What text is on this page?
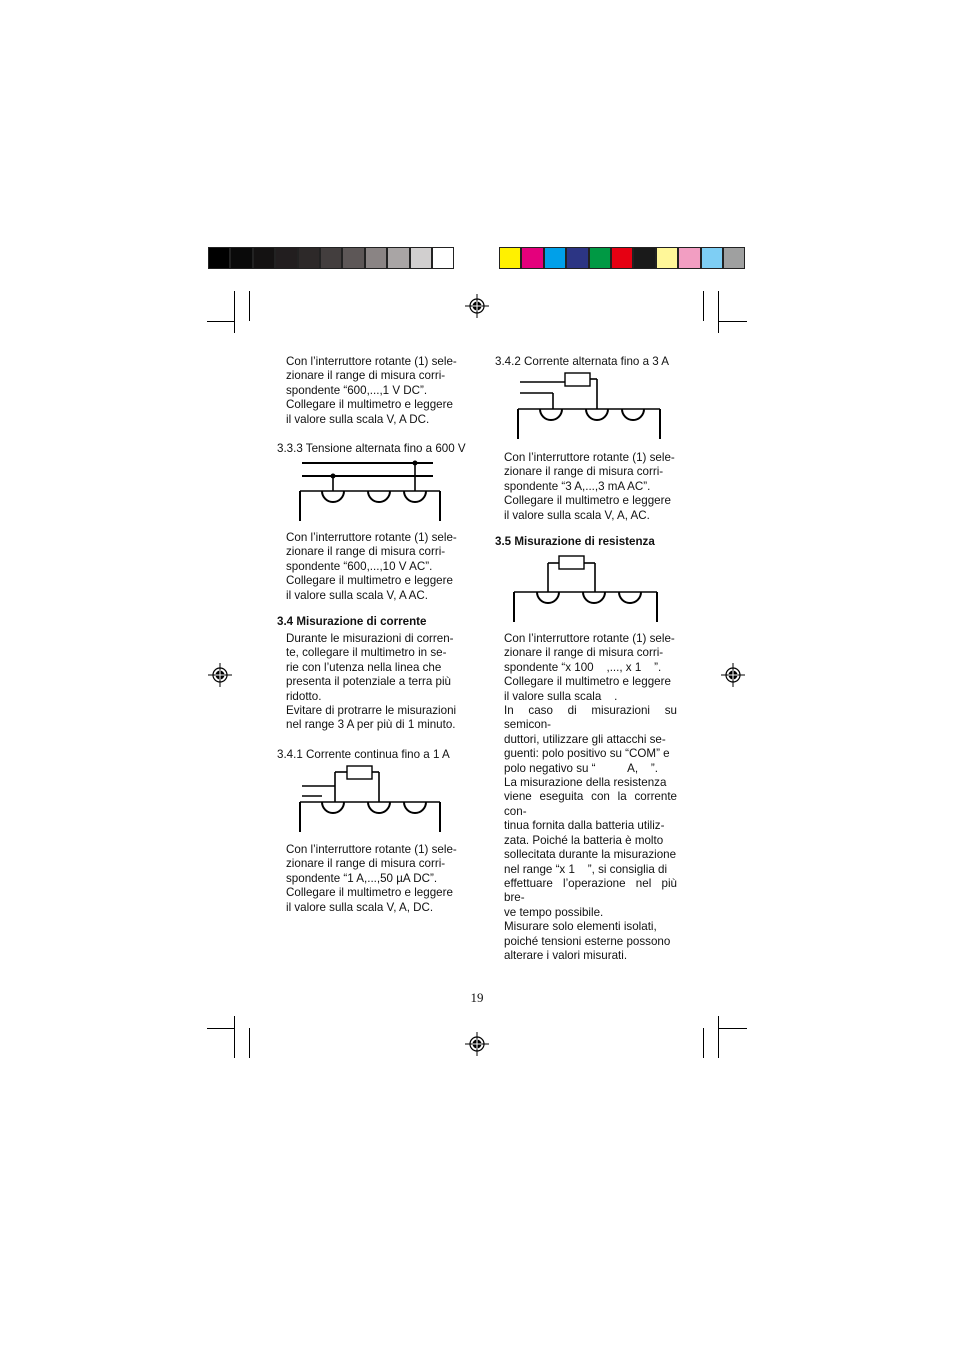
Con l’interruttore rotante (1) sele-

zionare il range di misura corri-

spondente “600,...,1 V DC”.

Collegare il multimetro e leggere

il valore sulla scala V, A DC.

3.3.3 Tensione alternata fino a 600 V

Con l’interruttore rotante (1) sele-

zionare il range di misura corri-

spondente “600,...,10 V AC”.

Collegare il multimetro e leggere

il valore sulla scala V, A AC.

3.4 Misurazione di corrente

Durante le misurazioni di corren-

te, collegare il multimetro in se-

rie con l’utenza nella linea che

presenta il potenziale a terra più

ridotto.

Evitare di protrarre le misurazioni

nel range 3 A per più di 1 minuto.

3.4.1 Corrente continua fino a 1 A

Con l’interruttore rotante (1) sele-

zionare il range di misura corri-

spondente “1 A,...,50 µA DC”.

Collegare il multimetro e leggere

il valore sulla scala V, A, DC.

3.4.2 Corrente alternata fino a 3 A

Con l’interruttore rotante (1) sele-

zionare il range di misura corri-

spondente “3 A,...,3 mA AC”.

Collegare il multimetro e leggere

il valore sulla scala V, A, AC.

3.5 Misurazione di resistenza

Con l’interruttore rotante (1) sele-

zionare il range di misura corri-

spondente “x 100    ,..., x 1    ”.

Collegare il multimetro e leggere

il valore sulla scala    .

In caso di misurazioni su semicon-

duttori, utilizzare gli attacchi se-

guenti: polo positivo su “COM” e

polo negativo su “          A,    ”.

La misurazione della resistenza

viene eseguita con la corrente con-

tinua fornita dalla batteria utiliz-

zata. Poiché la batteria è molto

sollecitata durante la misurazione

nel range “x 1    ”, si consiglia di

effettuare l’operazione nel più bre-

ve tempo possibile.

Misurare solo elementi isolati,

poiché tensioni esterne possono

alterare i valori misurati.

19
